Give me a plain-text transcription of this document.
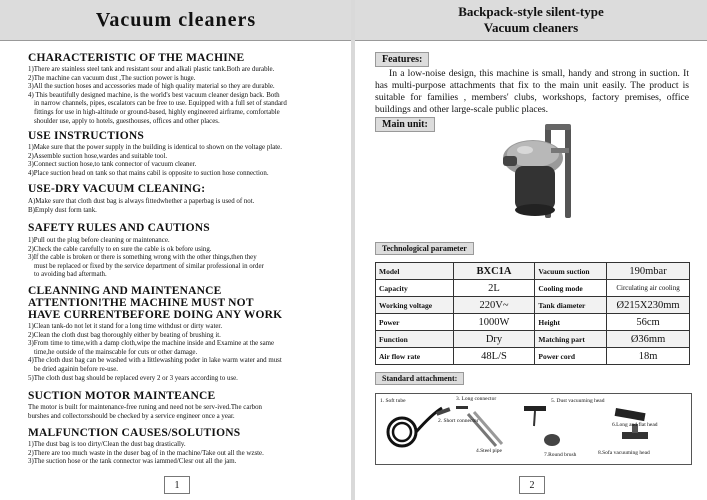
Vacuum cleaners
CHARACTERISTIC OF THE MACHINE
1)There are stainless steel tank and resistant sour and alkali plastic tank.Both are durable.
2)The machine can vacuum dust ,The suction power is huge.
3)All the suction hoses and accessories made of high quality material so they are durable.
4) This beautifully designed machine, is the world's best vacuum cleaner design back. Both
in narrow channels, pipes, escalators can be free to use. Equipped with a full set of standard
fittings for use in high-altitude or ground-based, highly engineered airframe, comfortable
shoulder use, apply to hotels, guesthouses, offices and other places.
USE INSTRUCTIONS
1)Make sure that the power supply in the building is identical to shown on the voltage plate.
2)Assemble suction hose,wardes and suitable tool.
3)Connect suction hose,to tank connector of vacuum cleaner.
4)Place suction head on tank so that mains cabil is opposite to suction hose connection.
USE-DRY VACUUM CLEANING:
A)Make sure that cloth dust bag is always fittedwhether a paperbag is used of not.
B)Emply dust form tank.
SAFETY RULES AND CAUTIONS
1)Pull out the plug before cleaning or maintenance.
2)Check the cable carefully to en sure the cable is ok before using.
3)If the cable is broken or there is something wrong with the other things,then they
must be replaced or fixed by the service department of similar professional in order
to avoiding bad aftermath.
CLEANNING AND MAINTENANCE
ATTENTION!THE MACHINE MUST NOT
HAVE CURRENTBEFORE DOING ANY WORK
1)Clean tank-do not let it stand for a long time withdust or dirty water.
2)Clean the cloth dust bag thoroughly either by beating of brushing it.
3)From time to time,with a damp cloth,wipe the machine inside and Examine at the same
time,he outside of the mainscable for cuts or other damage.
4)The cloth dust bag can be washed with a littlewashing poder in lake warm water and must
be dried againin before re-use.
5)The cloth dust bag should be replaced every 2 or 3 years according to use.
SUCTION MOTOR MAINTEANCE
The motor is built for maintenance-free runing and need not be serv-ived.The carbon
burshes and collectorsshould be checked by a service engineer once a year.
MALFUNCTION CAUSES/SOLUTIONS
1)The dust bag is too dirty/Clean the dust bag drastically.
2)There are too much waste in the duser bag of in the machine/Take out all the wzste.
3)The suction hose or the tank connector was iammed/Clesr out all the jam.
1
Backpack-style silent-type
Vacuum cleaners
Features:
In a low-noise design, this machine is small, handy and strong in suction. It has multi-purpose attachments that fix to the main unit easily. The product is suitable for families , members' clubs, workshops, factory premises, office buildings and other large-scale public places.
Main unit:
Technological parameter
Model	BXC1A	Vacuum suction	190mbar
Capacity	2L	Cooling mode	Circulating air cooling
Working voltage	220V~	Tank diameter	Ø215X230mm
Power	1000W	Height	56cm
Function	Dry	Matching part	Ø36mm
Air flow rate	48L/S	Power cord	18m
Standard attachment:
1. Soft tube	3. Long connector	5. Dust vacuuming head
2. Short connector
6.Long and flat head
4.Steel pipe
7.Round brush	8.Sofa vacuuming head
2
